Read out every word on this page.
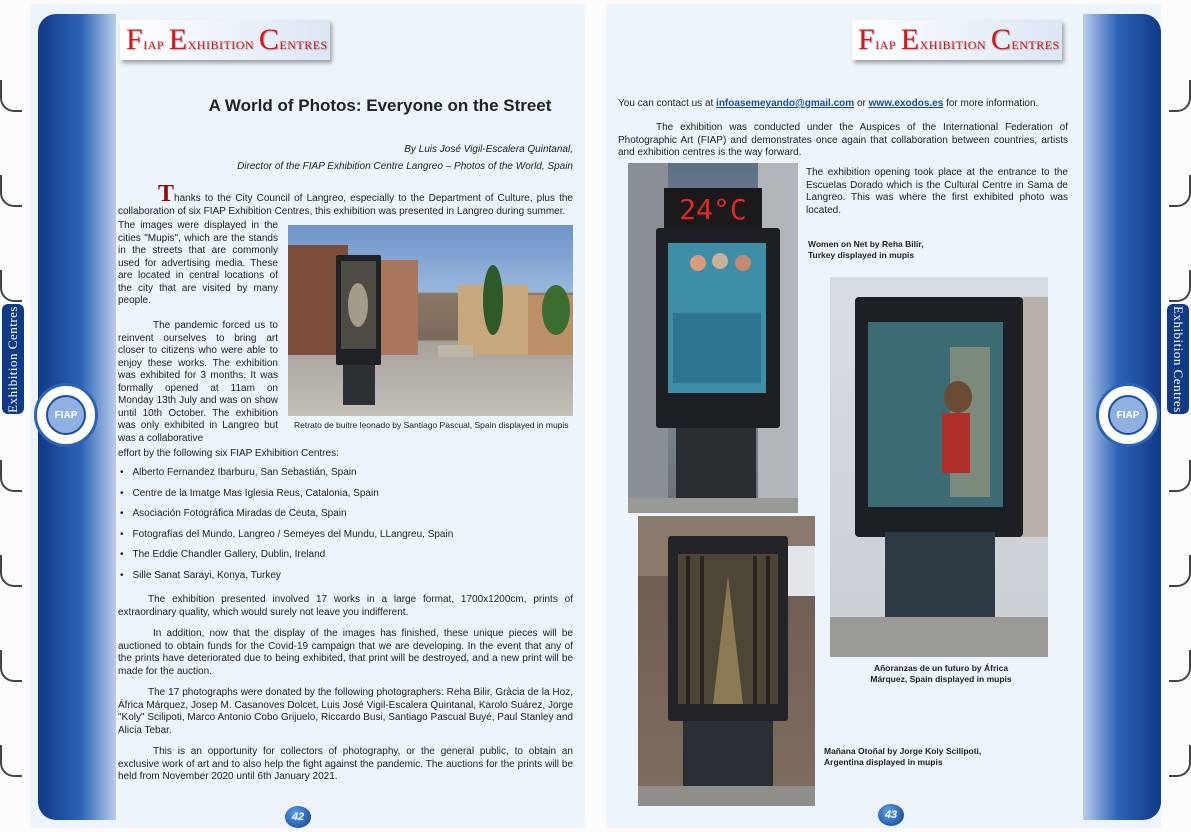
Fiap Exhibition Centres
A World of Photos: Everyone on the Street
By Luis José Vigil-Escalera Quintanal,
Director of the FIAP Exhibition Centre Langreo – Photos of the World, Spain
Thanks to the City Council of Langreo, especially to the Department of Culture, plus the collaboration of six FIAP Exhibition Centres, this exhibition was presented in Langreo during summer.
The images were displayed in the cities "Mupis", which are the stands in the streets that are commonly used for advertising media. These are located in central locations of the city that are visited by many people.
The pandemic forced us to reinvent ourselves to bring art closer to citizens who were able to enjoy these works. The exhibition was exhibited for 3 months. It was formally opened at 11am on Monday 13th July and was on show until 10th October. The exhibition was only exhibited in Langreo but was a collaborative
effort by the following six FIAP Exhibition Centres:
Retrato de buitre leonado by Santiago Pascual, Spain displayed in mupis
• Alberto Fernandez Ibarburu, San Sebastián, Spain
• Centre de la Imatge Mas Iglesia Reus, Catalonia, Spain
• Asociación Fotográfica Miradas de Ceuta, Spain
• Fotografías del Mundo, Langreo / Semeyes del Mundu, LLangreu, Spain
• The Eddie Chandler Gallery, Dublin, Ireland
• Sille Sanat Sarayi, Konya, Turkey
The exhibition presented involved 17 works in a large format, 1700x1200cm, prints of extraordinary quality, which would surely not leave you indifferent.
In addition, now that the display of the images has finished, these unique pieces will be auctioned to obtain funds for the Covid-19 campaign that we are developing. In the event that any of the prints have deteriorated due to being exhibited, that print will be destroyed, and a new print will be made for the auction.
The 17 photographs were donated by the following photographers: Reha Bilir, Gràcia de la Hoz, África Márquez, Josep M. Casanoves Dolcet, Luis José Vigil-Escalera Quintanal, Karolo Suárez, Jorge "Koly" Scilipoti, Marco Antonio Cobo Grijuelo, Riccardo Busi, Santiago Pascual Buyé, Paul Stanley and Alicia Tebar.
This is an opportunity for collectors of photography, or the general public, to obtain an exclusive work of art and to also help the fight against the pandemic. The auctions for the prints will be held from November 2020 until 6th January 2021.
42
Exhibition Centres
FIAP
Fiap Exhibition Centres
You can contact us at infoasemeyando@gmail.com or www.exodos.es for more information.
The exhibition was conducted under the Auspices of the International Federation of Photographic Art (FIAP) and demonstrates once again that collaboration between countries, artists and exhibition centres is the way forward.
24°C
The exhibition opening took place at the entrance to the Escuelas Dorado which is the Cultural Centre in Sama de Langreo. This was where the first exhibited photo was located.
Women on Net by Reha Bilir,
Turkey displayed in mupis
Añoranzas de un futuro by África
Márquez, Spain displayed in mupis
Mañana Otoñal by Jorge Koly Scilipoti,
Argentina displayed in mupis
43
Exhibition Centres
FIAP
